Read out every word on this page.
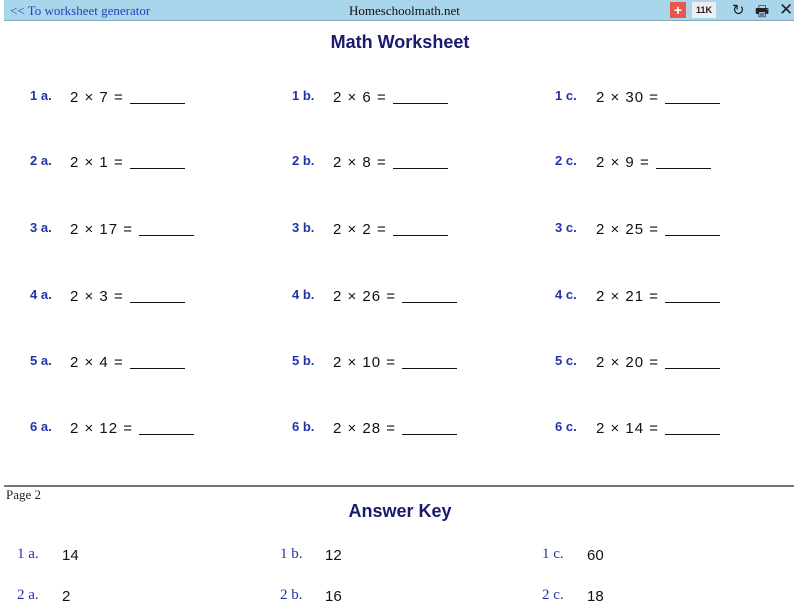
<< To worksheet generator	Homeschoolmath.net	+	11K ↻ 🖶 ✕
Math Worksheet
1 a. 2 × 7 =	1 b. 2 × 6 =	1 c. 2 × 30 =
2 a. 2 × 1 =	2 b. 2 × 8 =	2 c. 2 × 9 =
3 a. 2 × 17 =	3 b. 2 × 2 =	3 c. 2 × 25 =
4 a. 2 × 3 =	4 b. 2 × 26 =	4 c. 2 × 21 =
5 a. 2 × 4 =	5 b. 2 × 10 =	5 c. 2 × 20 =
6 a. 2 × 12 =	6 b. 2 × 28 =	6 c. 2 × 14 =
Page 2
Answer Key
1 a. 14	1 b. 12	1 c. 60
2 a. 2	2 b. 16	2 c. 18
